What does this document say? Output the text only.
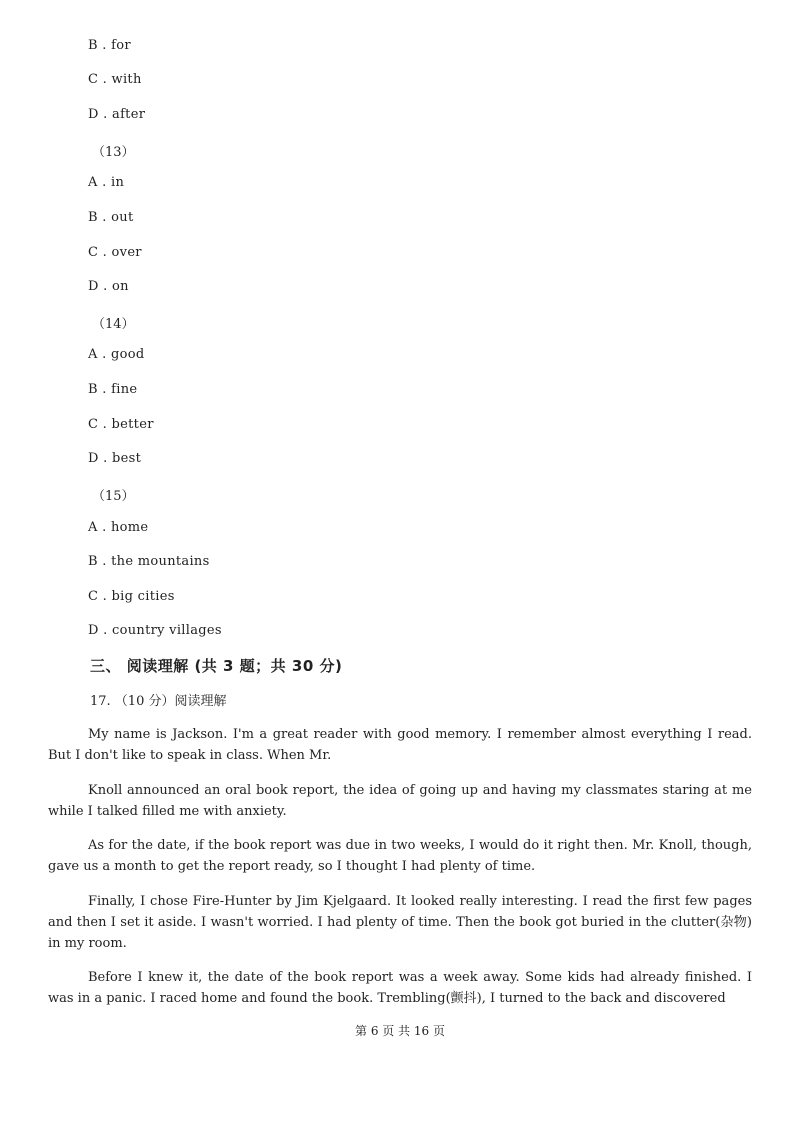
B . for
C . with
D . after
（13）
A . in
B . out
C . over
D . on
（14）
A . good
B . fine
C . better
D . best
（15）
A . home
B . the mountains
C . big cities
D . country villages
三、 阅读理解 (共 3 题；共 30 分)
17. （10 分）阅读理解

My name is Jackson. I'm a great reader with good memory. I remember almost everything I read. But I don't like to speak in class. When Mr.

Knoll announced an oral book report, the idea of going up and having my classmates staring at me while I talked filled me with anxiety.

As for the date, if the book report was due in two weeks, I would do it right then. Mr. Knoll, though, gave us a month to get the report ready, so I thought I had plenty of time.

Finally, I chose Fire-Hunter by Jim Kjelgaard. It looked really interesting. I read the first few pages and then I set it aside. I wasn't worried. I had plenty of time. Then the book got buried in the clutter(杂物) in my room.

Before I knew it, the date of the book report was a week away. Some kids had already finished. I was in a panic. I raced home and found the book. Trembling(颤抖), I turned to the back and discovered

第 6 页 共 16 页
